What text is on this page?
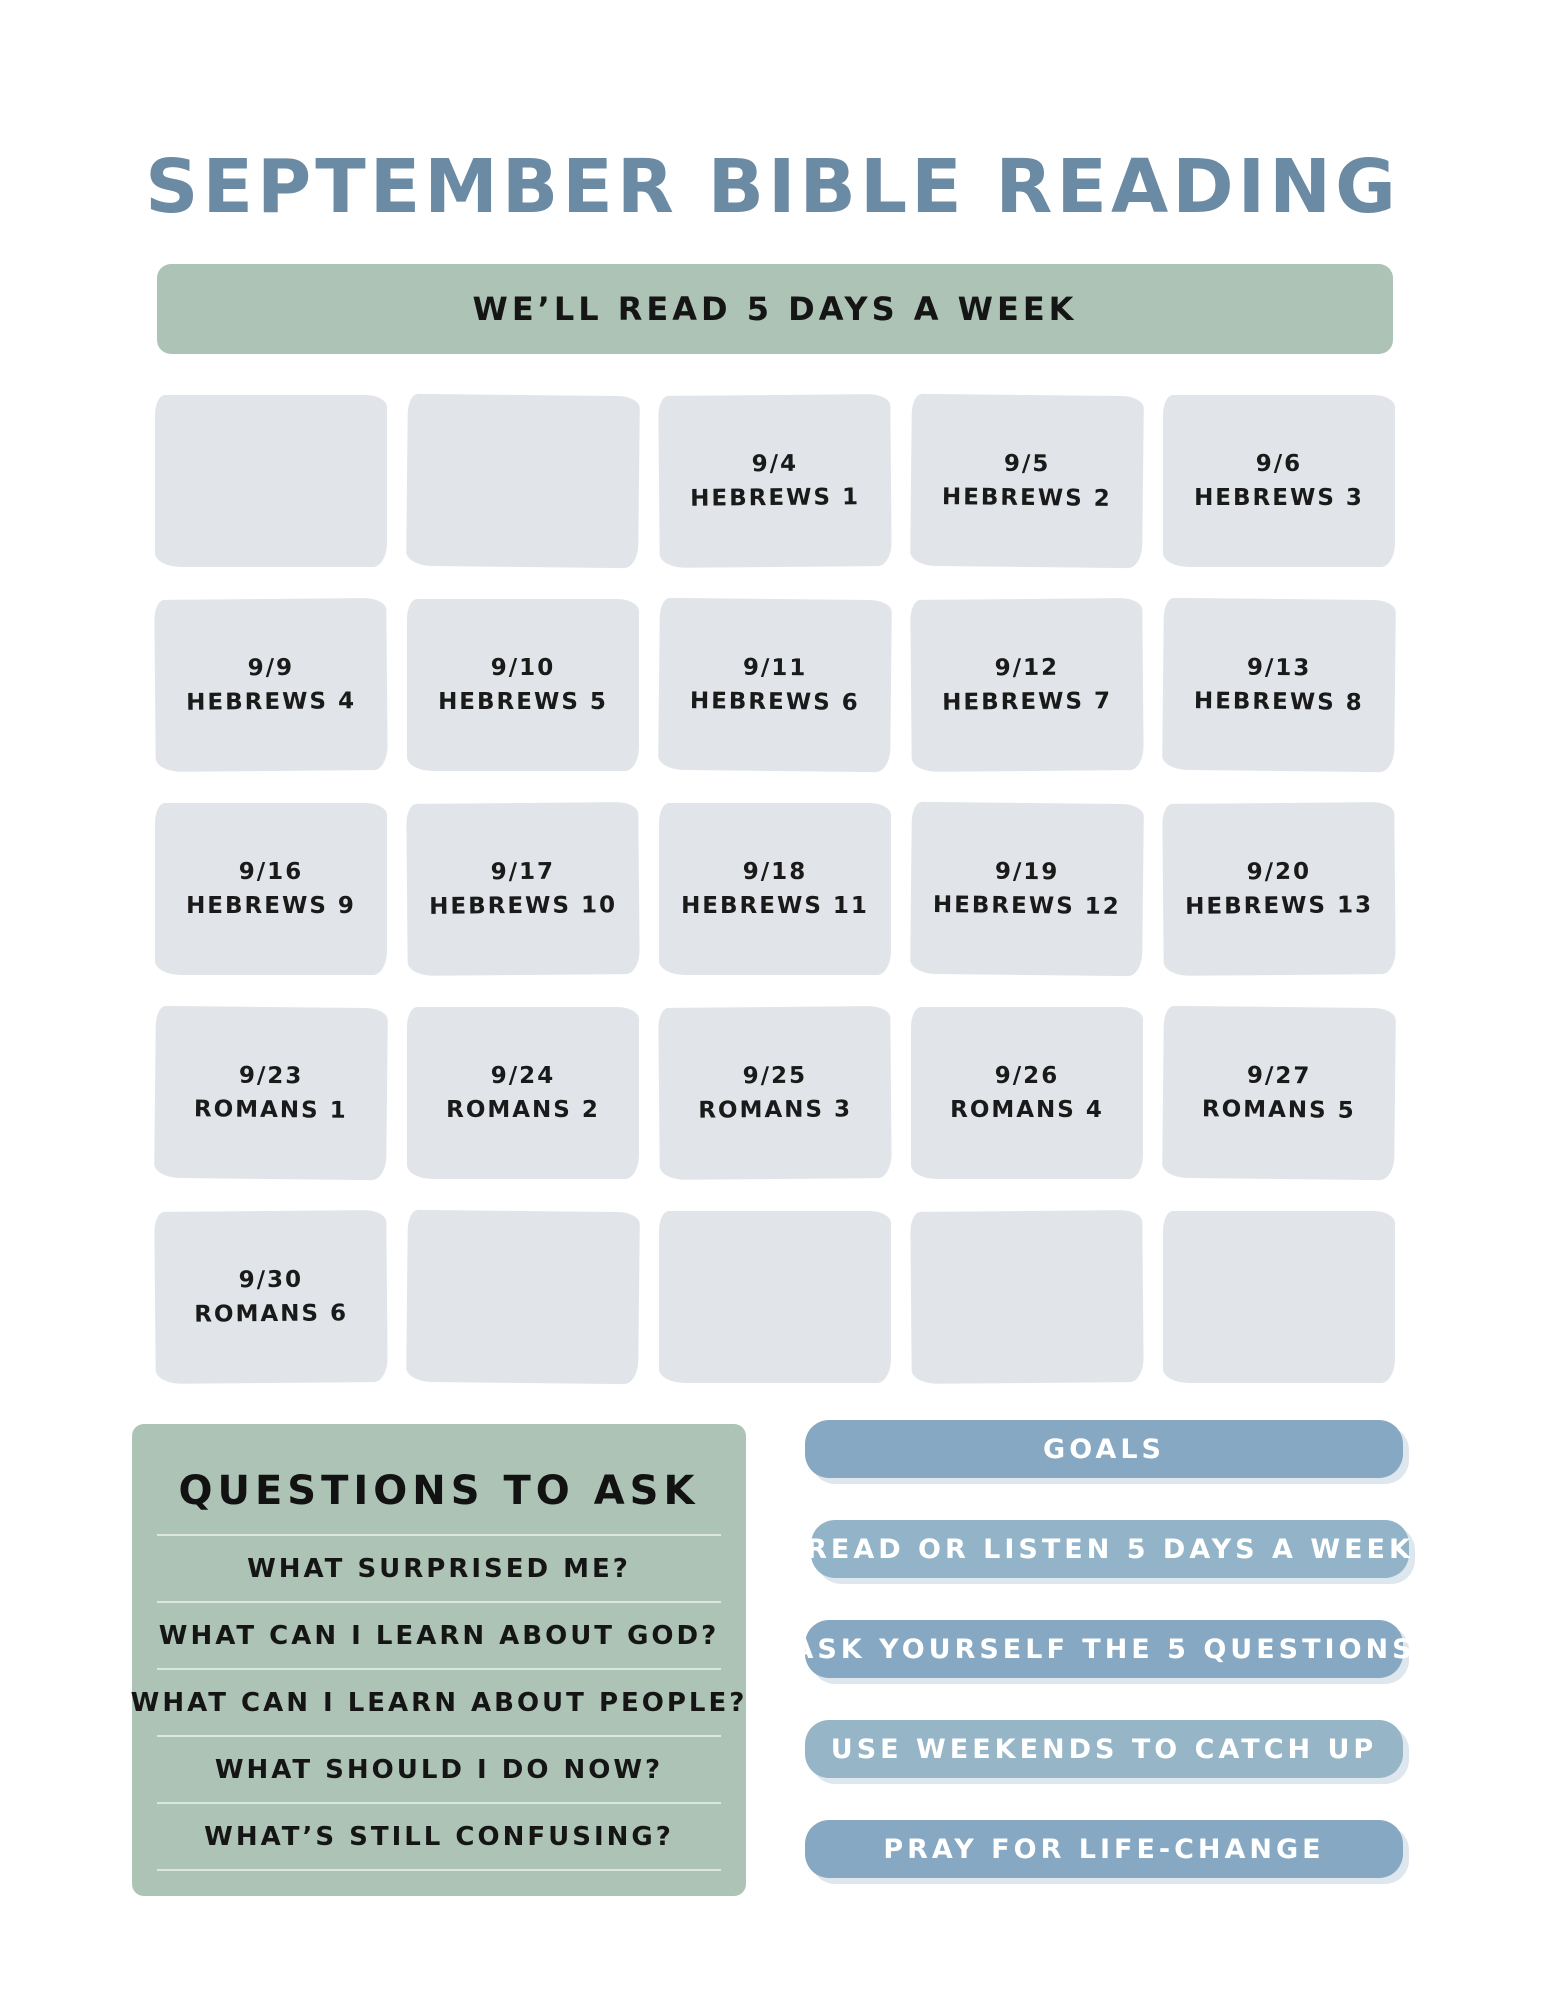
SEPTEMBER BIBLE READING
WE’LL READ 5 DAYS A WEEK
9/4
HEBREWS 1
9/5
HEBREWS 2
9/6
HEBREWS 3
9/9
HEBREWS 4
9/10
HEBREWS 5
9/11
HEBREWS 6
9/12
HEBREWS 7
9/13
HEBREWS 8
9/16
HEBREWS 9
9/17
HEBREWS 10
9/18
HEBREWS 11
9/19
HEBREWS 12
9/20
HEBREWS 13
9/23
ROMANS 1
9/24
ROMANS 2
9/25
ROMANS 3
9/26
ROMANS 4
9/27
ROMANS 5
9/30
ROMANS 6
QUESTIONS TO ASK
WHAT SURPRISED ME?
WHAT CAN I LEARN ABOUT GOD?
WHAT CAN I LEARN ABOUT PEOPLE?
WHAT SHOULD I DO NOW?
WHAT’S STILL CONFUSING?
GOALS
READ OR LISTEN 5 DAYS A WEEK
ASK YOURSELF THE 5 QUESTIONS
USE WEEKENDS TO CATCH UP
PRAY FOR LIFE-CHANGE
